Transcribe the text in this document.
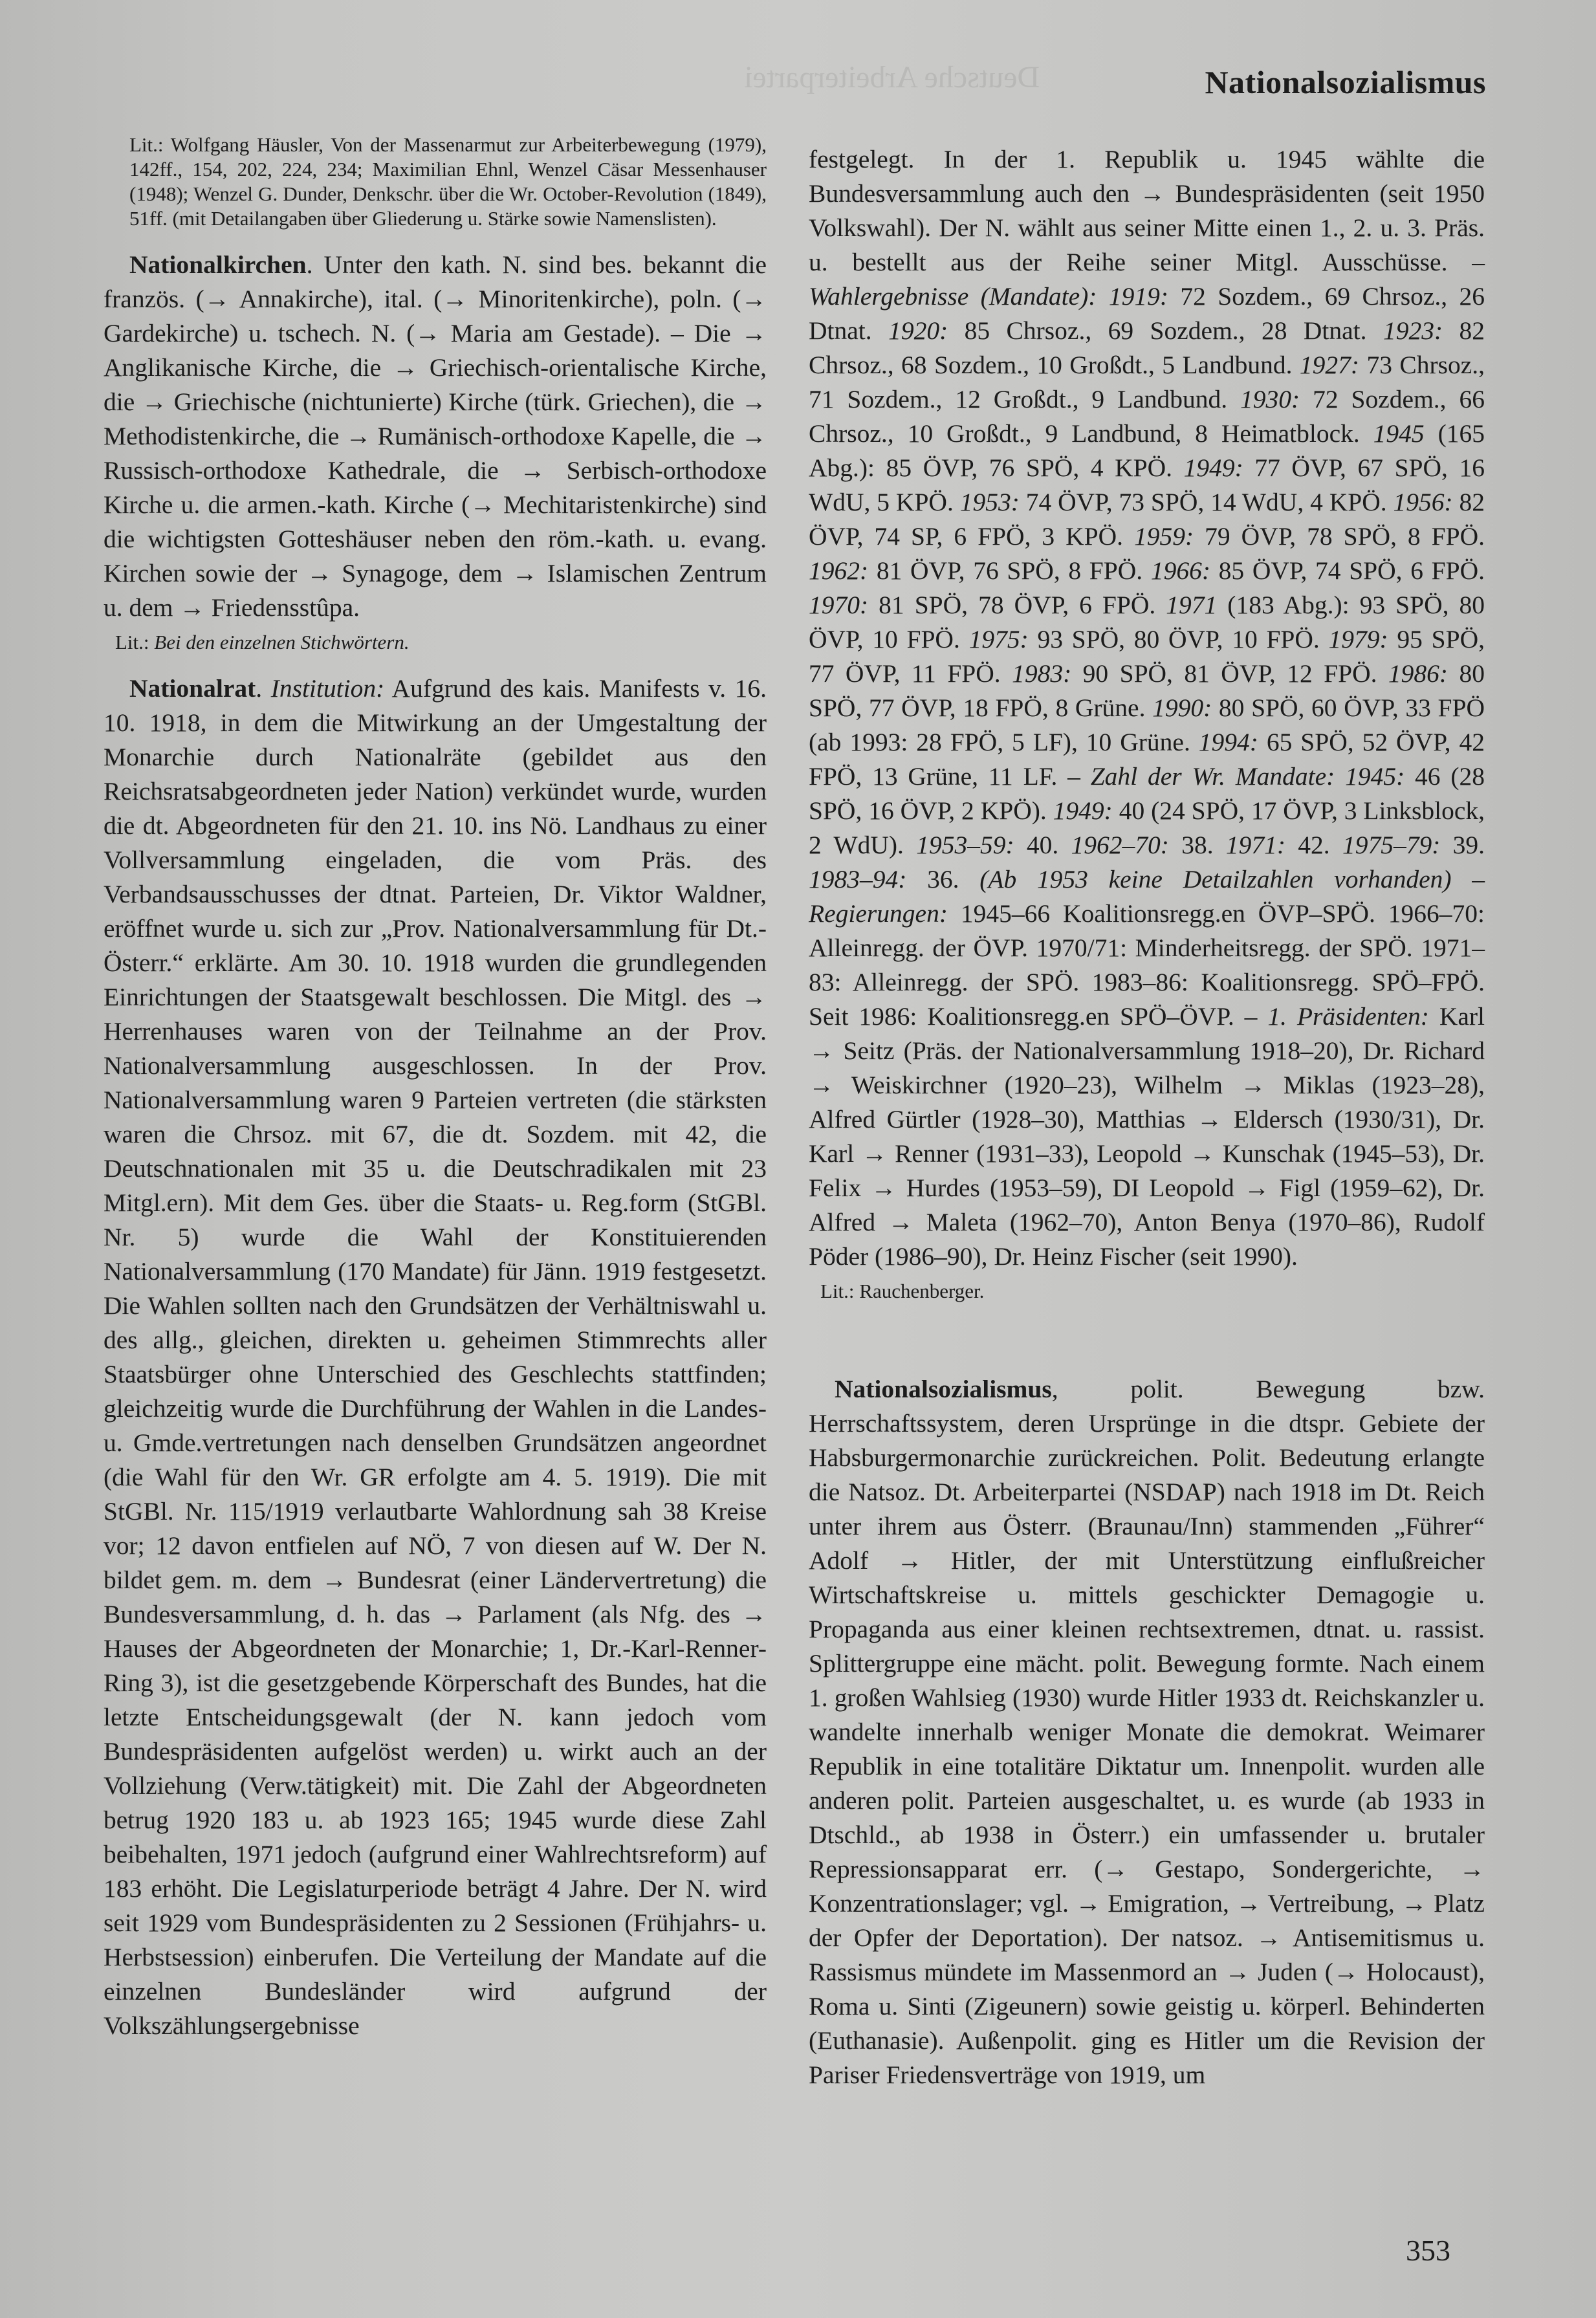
Deutsche Arbeiterpartei	Nationalsozialismus

Lit.: Wolfgang Häusler, Von der Massenarmut zur Arbeiterbewegung (1979), 142ff., 154, 202, 224, 234; Maximilian Ehnl, Wenzel Cäsar Messenhauser (1948); Wenzel G. Dunder, Denkschr. über die Wr. October-Revolution (1849), 51ff. (mit Detailangaben über Gliederung u. Stärke sowie Namenslisten).

Nationalkirchen. Unter den kath. N. sind bes. bekannt die französ. (→ Annakirche), ital. (→ Minoritenkirche), poln. (→ Gardekirche) u. tschech. N. (→ Maria am Gestade). – Die → Anglikanische Kirche, die → Griechisch-orientalische Kirche, die → Griechische (nichtunierte) Kirche (türk. Griechen), die → Methodistenkirche, die → Rumänisch-orthodoxe Kapelle, die → Russisch-orthodoxe Kathedrale, die → Serbisch-orthodoxe Kirche u. die armen.-kath. Kirche (→ Mechitaristenkirche) sind die wichtigsten Gotteshäuser neben den röm.-kath. u. evang. Kirchen sowie der → Synagoge, dem → Islamischen Zentrum u. dem → Friedensstûpa.

Lit.: Bei den einzelnen Stichwörtern.

Nationalrat. Institution: Aufgrund des kais. Manifests v. 16. 10. 1918, in dem die Mitwirkung an der Umgestaltung der Monarchie durch Nationalräte (gebildet aus den Reichsratsabgeordneten jeder Nation) verkündet wurde, wurden die dt. Abgeordneten für den 21. 10. ins Nö. Landhaus zu einer Vollversammlung eingeladen, die vom Präs. des Verbandsausschusses der dtnat. Parteien, Dr. Viktor Waldner, eröffnet wurde u. sich zur „Prov. Nationalversammlung für Dt.-Österr.“ erklärte. Am 30. 10. 1918 wurden die grundlegenden Einrichtungen der Staatsgewalt beschlossen. Die Mitgl. des → Herrenhauses waren von der Teilnahme an der Prov. Nationalversammlung ausgeschlossen. In der Prov. Nationalversammlung waren 9 Parteien vertreten (die stärksten waren die Chrsoz. mit 67, die dt. Sozdem. mit 42, die Deutschnationalen mit 35 u. die Deutschradikalen mit 23 Mitgl.ern). Mit dem Ges. über die Staats- u. Reg.form (StGBl. Nr. 5) wurde die Wahl der Konstituierenden Nationalversammlung (170 Mandate) für Jänn. 1919 festgesetzt. Die Wahlen sollten nach den Grundsätzen der Verhältniswahl u. des allg., gleichen, direkten u. geheimen Stimmrechts aller Staatsbürger ohne Unterschied des Geschlechts stattfinden; gleichzeitig wurde die Durchführung der Wahlen in die Landes- u. Gmde.vertretungen nach denselben Grundsätzen angeordnet (die Wahl für den Wr. GR erfolgte am 4. 5. 1919). Die mit StGBl. Nr. 115/1919 verlautbarte Wahlordnung sah 38 Kreise vor; 12 davon entfielen auf NÖ, 7 von diesen auf W. Der N. bildet gem. m. dem → Bundesrat (einer Ländervertretung) die Bundesversammlung, d. h. das → Parlament (als Nfg. des → Hauses der Abgeordneten der Monarchie; 1, Dr.-Karl-Renner-Ring 3), ist die gesetzgebende Körperschaft des Bundes, hat die letzte Entscheidungsgewalt (der N. kann jedoch vom Bundespräsidenten aufgelöst werden) u. wirkt auch an der Vollziehung (Verw.tätigkeit) mit. Die Zahl der Abgeordneten betrug 1920 183 u. ab 1923 165; 1945 wurde diese Zahl beibehalten, 1971 jedoch (aufgrund einer Wahlrechtsreform) auf 183 erhöht. Die Legislaturperiode beträgt 4 Jahre. Der N. wird seit 1929 vom Bundespräsidenten zu 2 Sessionen (Frühjahrs- u. Herbstsession) einberufen. Die Verteilung der Mandate auf die einzelnen Bundesländer wird aufgrund der Volkszählungsergebnisse

festgelegt. In der 1. Republik u. 1945 wählte die Bundesversammlung auch den → Bundespräsidenten (seit 1950 Volkswahl). Der N. wählt aus seiner Mitte einen 1., 2. u. 3. Präs. u. bestellt aus der Reihe seiner Mitgl. Ausschüsse. – Wahlergebnisse (Mandate): 1919: 72 Sozdem., 69 Chrsoz., 26 Dtnat. 1920: 85 Chrsoz., 69 Sozdem., 28 Dtnat. 1923: 82 Chrsoz., 68 Sozdem., 10 Großdt., 5 Landbund. 1927: 73 Chrsoz., 71 Sozdem., 12 Großdt., 9 Landbund. 1930: 72 Sozdem., 66 Chrsoz., 10 Großdt., 9 Landbund, 8 Heimatblock. 1945 (165 Abg.): 85 ÖVP, 76 SPÖ, 4 KPÖ. 1949: 77 ÖVP, 67 SPÖ, 16 WdU, 5 KPÖ. 1953: 74 ÖVP, 73 SPÖ, 14 WdU, 4 KPÖ. 1956: 82 ÖVP, 74 SP, 6 FPÖ, 3 KPÖ. 1959: 79 ÖVP, 78 SPÖ, 8 FPÖ. 1962: 81 ÖVP, 76 SPÖ, 8 FPÖ. 1966: 85 ÖVP, 74 SPÖ, 6 FPÖ. 1970: 81 SPÖ, 78 ÖVP, 6 FPÖ. 1971 (183 Abg.): 93 SPÖ, 80 ÖVP, 10 FPÖ. 1975: 93 SPÖ, 80 ÖVP, 10 FPÖ. 1979: 95 SPÖ, 77 ÖVP, 11 FPÖ. 1983: 90 SPÖ, 81 ÖVP, 12 FPÖ. 1986: 80 SPÖ, 77 ÖVP, 18 FPÖ, 8 Grüne. 1990: 80 SPÖ, 60 ÖVP, 33 FPÖ (ab 1993: 28 FPÖ, 5 LF), 10 Grüne. 1994: 65 SPÖ, 52 ÖVP, 42 FPÖ, 13 Grüne, 11 LF. – Zahl der Wr. Mandate: 1945: 46 (28 SPÖ, 16 ÖVP, 2 KPÖ). 1949: 40 (24 SPÖ, 17 ÖVP, 3 Linksblock, 2 WdU). 1953–59: 40. 1962–70: 38. 1971: 42. 1975–79: 39. 1983–94: 36. (Ab 1953 keine Detailzahlen vorhanden) – Regierungen: 1945–66 Koalitionsregg.en ÖVP–SPÖ. 1966–70: Alleinregg. der ÖVP. 1970/71: Minderheitsregg. der SPÖ. 1971–83: Alleinregg. der SPÖ. 1983–86: Koalitionsregg. SPÖ–FPÖ. Seit 1986: Koalitionsregg.en SPÖ–ÖVP. – 1. Präsidenten: Karl → Seitz (Präs. der Nationalversammlung 1918–20), Dr. Richard → Weiskirchner (1920–23), Wilhelm → Miklas (1923–28), Alfred Gürtler (1928–30), Matthias → Eldersch (1930/31), Dr. Karl → Renner (1931–33), Leopold → Kunschak (1945–53), Dr. Felix → Hurdes (1953–59), DI Leopold → Figl (1959–62), Dr. Alfred → Maleta (1962–70), Anton Benya (1970–86), Rudolf Pöder (1986–90), Dr. Heinz Fischer (seit 1990).

Lit.: Rauchenberger.

Nationalsozialismus, polit. Bewegung bzw. Herrschaftssystem, deren Ursprünge in die dtspr. Gebiete der Habsburgermonarchie zurückreichen. Polit. Bedeutung erlangte die Natsoz. Dt. Arbeiterpartei (NSDAP) nach 1918 im Dt. Reich unter ihrem aus Österr. (Braunau/Inn) stammenden „Führer“ Adolf → Hitler, der mit Unterstützung einflußreicher Wirtschaftskreise u. mittels geschickter Demagogie u. Propaganda aus einer kleinen rechtsextremen, dtnat. u. rassist. Splittergruppe eine mächt. polit. Bewegung formte. Nach einem 1. großen Wahlsieg (1930) wurde Hitler 1933 dt. Reichskanzler u. wandelte innerhalb weniger Monate die demokrat. Weimarer Republik in eine totalitäre Diktatur um. Innenpolit. wurden alle anderen polit. Parteien ausgeschaltet, u. es wurde (ab 1933 in Dtschld., ab 1938 in Österr.) ein umfassender u. brutaler Repressionsapparat err. (→ Gestapo, Sondergerichte, → Konzentrationslager; vgl. → Emigration, → Vertreibung, → Platz der Opfer der Deportation). Der natsoz. → Antisemitismus u. Rassismus mündete im Massenmord an → Juden (→ Holocaust), Roma u. Sinti (Zigeunern) sowie geistig u. körperl. Behinderten (Euthanasie). Außenpolit. ging es Hitler um die Revision der Pariser Friedensverträge von 1919, um

353
